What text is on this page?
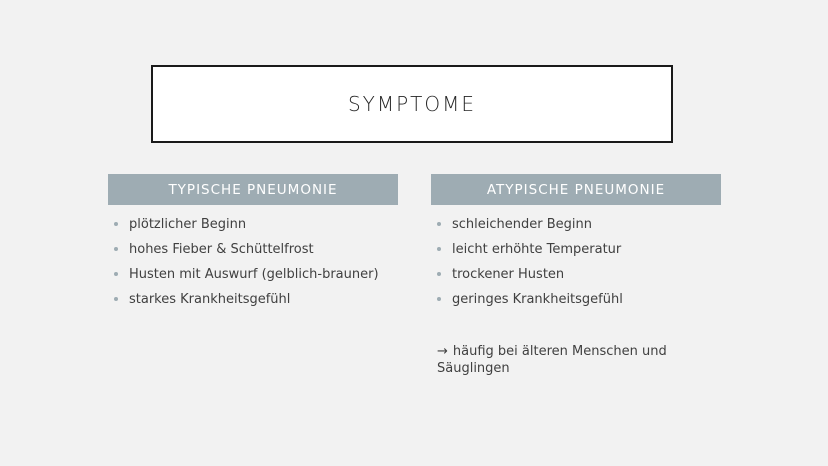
SYMPTOME
TYPISCHE PNEUMONIE	ATYPISCHE PNEUMONIE
plötzlicher Beginn
hohes Fieber & Schüttelfrost
Husten mit Auswurf (gelblich-brauner)
starkes Krankheitsgefühl
schleichender Beginn
leicht erhöhte Temperatur
trockener Husten
geringes Krankheitsgefühl
→ häufig bei älteren Menschen und Säuglingen
